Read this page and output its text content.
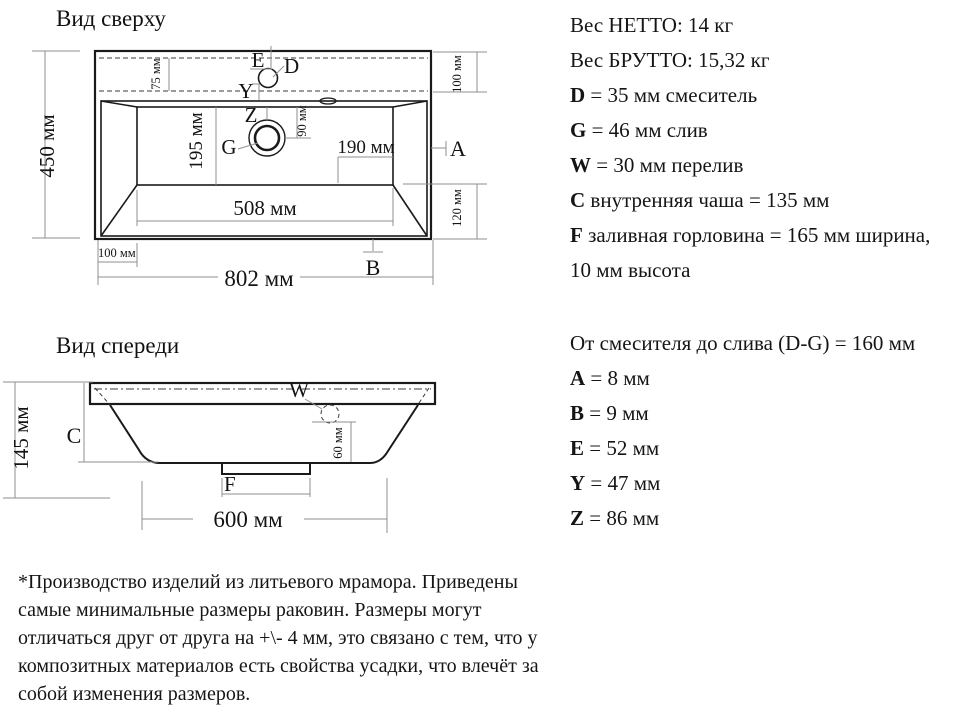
Вид сверху
Вид спереди
450 мм
75 мм	100 мм
120 мм
90 мм
195 мм	190 мм
508 мм
100 мм
802 мм
E D
Y
Z
G	A
B
145 мм	60 мм
600 мм
C
W
F
Вес НЕТТО: 14 кг
Вес БРУТТО: 15,32 кг
D = 35 мм смеситель
G = 46 мм слив
W = 30 мм перелив
C внутренняя чаша = 135 мм
F заливная горловина = 165 мм ширина,
10 мм высота
От смесителя до слива (D-G) = 160 мм
A = 8 мм
B = 9 мм
E = 52 мм
Y = 47 мм
Z = 86 мм
*Производство изделий из литьевого мрамора. Приведены
самые минимальные размеры раковин. Размеры могут
отличаться друг от друга на +\- 4 мм, это связано с тем, что у
композитных материалов есть свойства усадки, что влечёт за
собой изменения размеров.
